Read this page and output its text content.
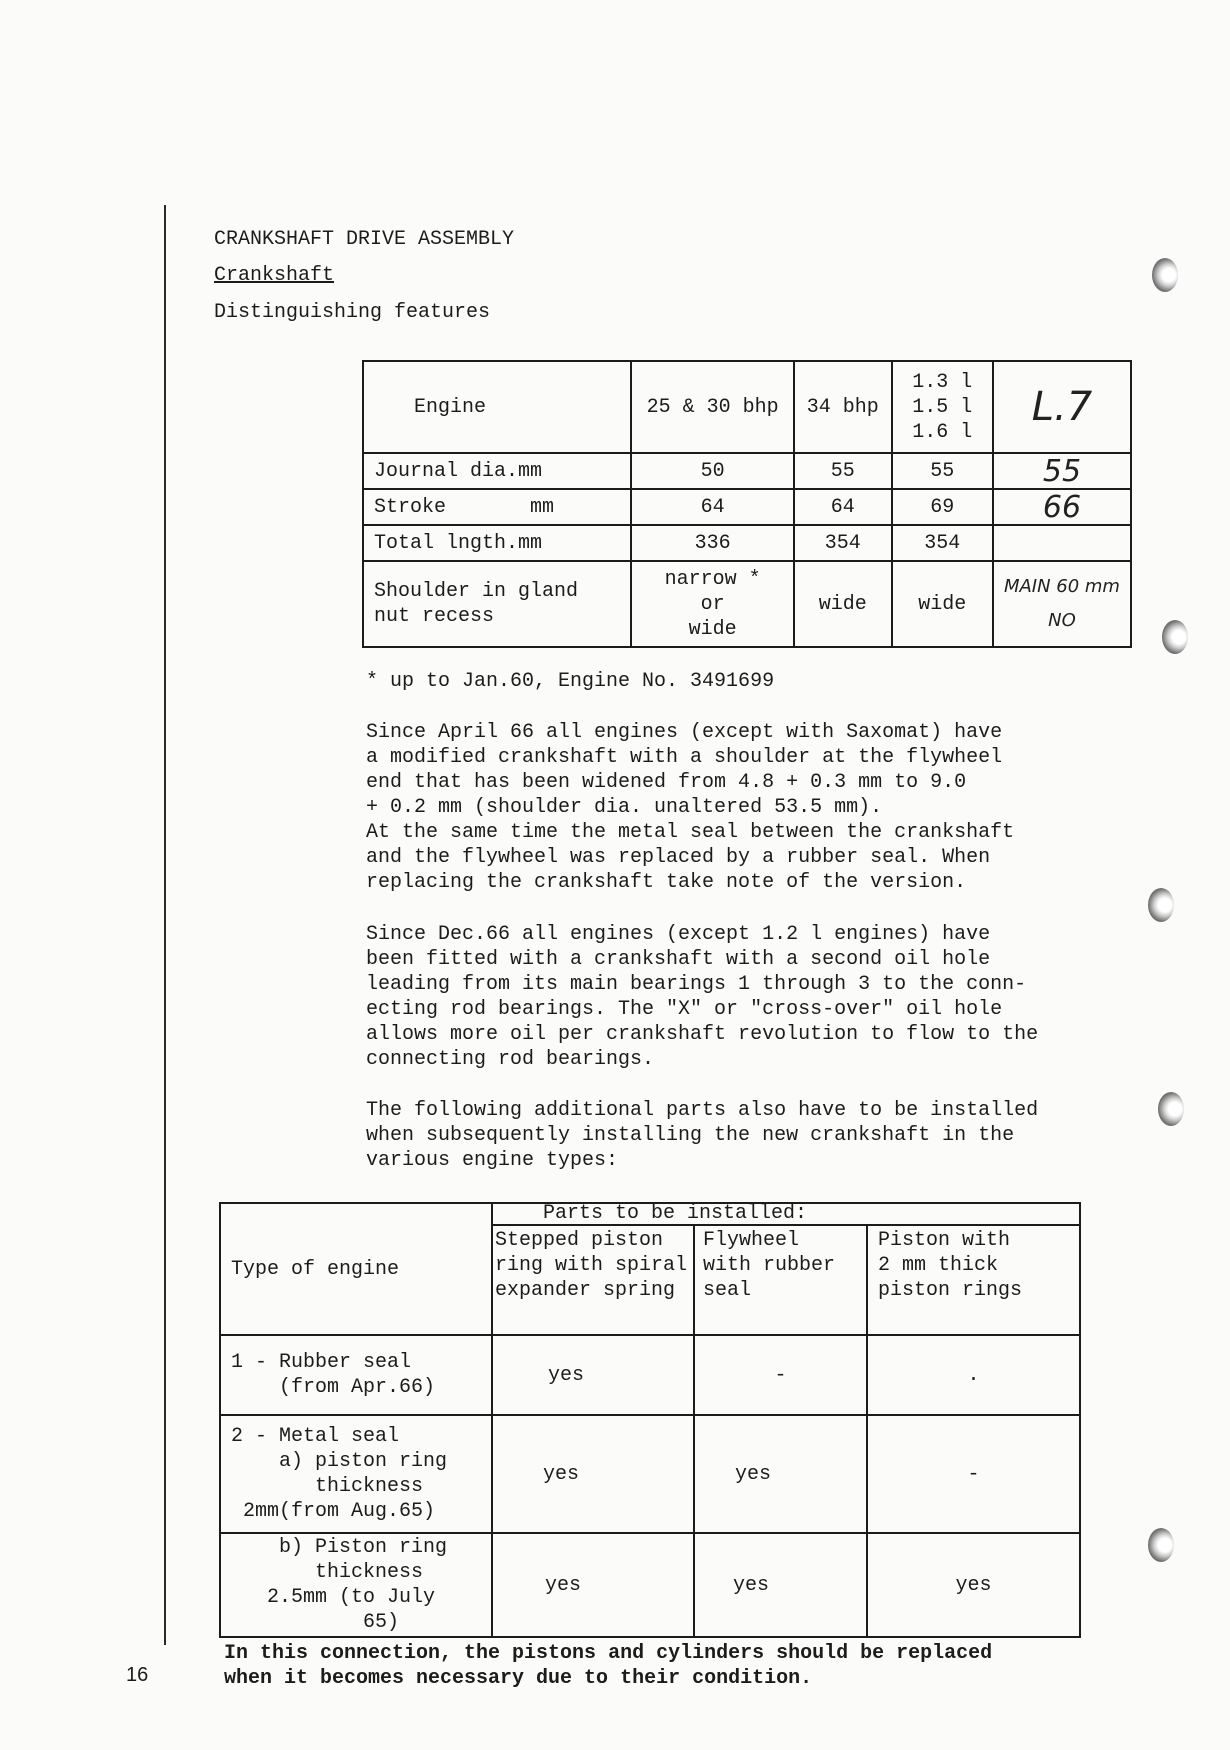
CRANKSHAFT DRIVE ASSEMBLY
Crankshaft
Distinguishing features
Engine	25 & 30 bhp	34 bhp	1.3 l
1.5 l
1.6 l	L.7
Journal dia.mm	50	55	55	55
Stroke       mm	64	64	69	66
Total lngth.mm	336	354	354	
Shoulder in gland
nut recess	narrow *
or
wide	wide	wide	MAIN 60 mm
NO
* up to Jan.60, Engine No. 3491699
Since April 66 all engines (except with Saxomat) have
a modified crankshaft with a shoulder at the flywheel
end that has been widened from 4.8 + 0.3 mm to 9.0
+ 0.2 mm (shoulder dia. unaltered 53.5 mm).
At the same time the metal seal between the crankshaft
and the flywheel was replaced by a rubber seal. When
replacing the crankshaft take note of the version.
Since Dec.66 all engines (except 1.2 l engines) have
been fitted with a crankshaft with a second oil hole
leading from its main bearings 1 through 3 to the conn-
ecting rod bearings. The "X" or "cross-over" oil hole
allows more oil per crankshaft revolution to flow to the
connecting rod bearings.
The following additional parts also have to be installed
when subsequently installing the new crankshaft in the
various engine types:
Type of engine	Parts to be installed:		
	Stepped piston
ring with spiral
expander spring	Flywheel
with rubber
seal	Piston with
2 mm thick
piston rings
1 - Rubber seal
(from Apr.66)	yes	-	.
2 - Metal seal
a) piston ring
thickness
2mm(from Aug.65)	yes	yes	-
b) Piston ring
thickness
2.5mm (to July
65)	yes	yes	yes
In this connection, the pistons and cylinders should be replaced
when it becomes necessary due to their condition.
16
